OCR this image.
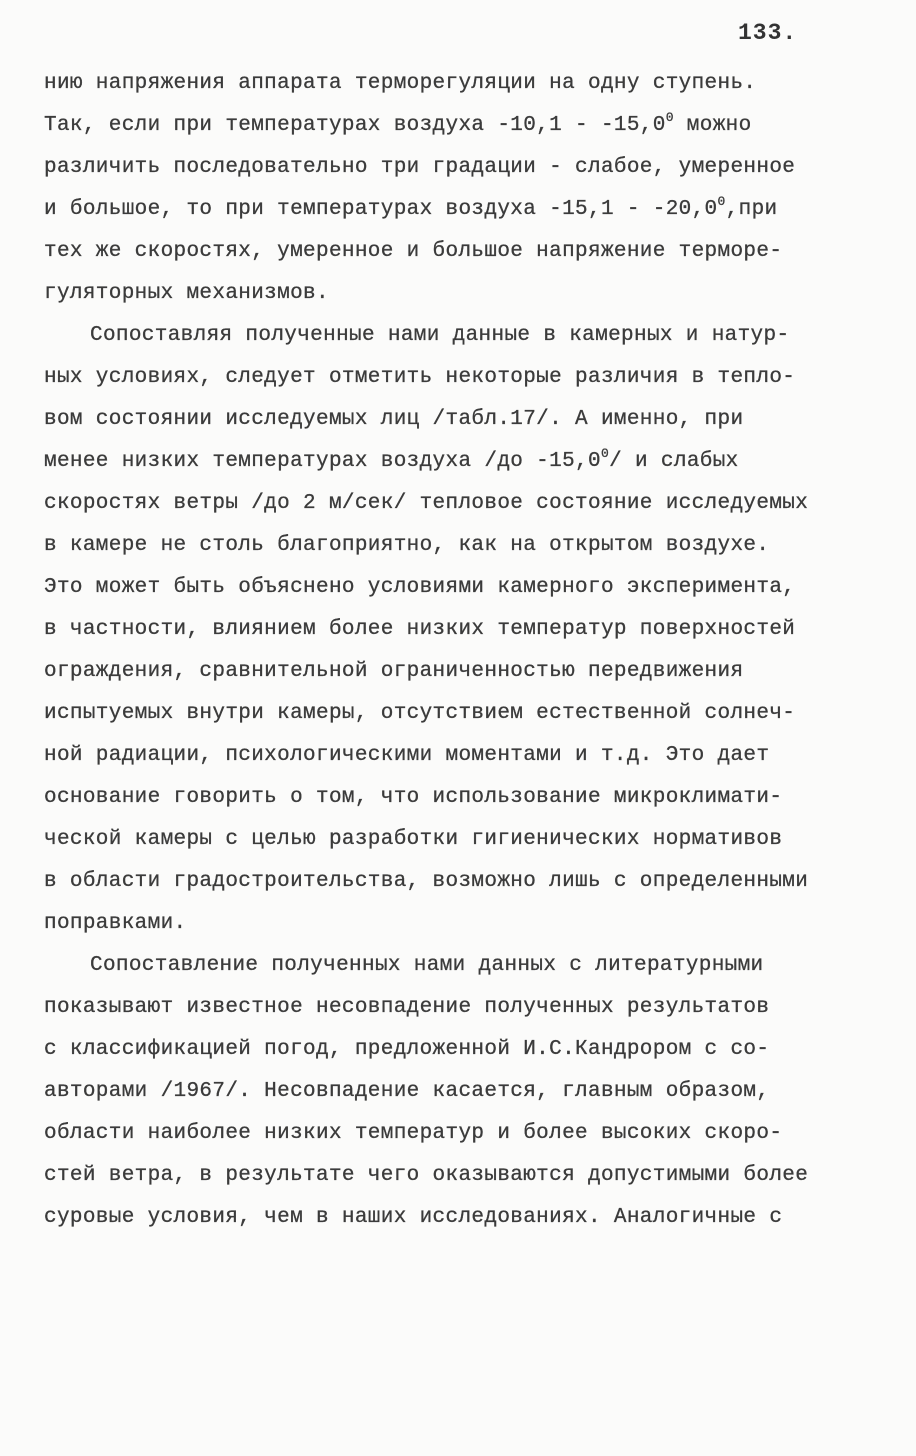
133.
нию напряжения аппарата терморегуляции на одну ступень.
Так, если при температурах воздуха -10,1 - -15,0$^0$ можно
различить последовательно три градации - слабое, умеренное
и большое, то при температурах воздуха -15,1 - -20,0$^0$,при
тех же скоростях, умеренное и большое напряжение терморе-
гуляторных механизмов.
Сопоставляя полученные нами данные в камерных и натур-
ных условиях, следует отметить некоторые различия в тепло-
вом состоянии исследуемых лиц /табл.17/. А именно, при
менее низких температурах воздуха /до -15,0$^0$/ и слабых
скоростях ветры /до 2 м/сек/ тепловое состояние исследуемых
в камере не столь благоприятно, как на открытом воздухе.
Это может быть объяснено условиями камерного эксперимента,
в частности, влиянием более низких температур поверхностей
ограждения, сравнительной ограниченностью передвижения
испытуемых внутри камеры, отсутствием естественной солнеч-
ной радиации, психологическими моментами и т.д. Это дает
основание говорить о том, что использование микроклимати-
ческой камеры с целью разработки гигиенических нормативов
в области градостроительства, возможно лишь с определенными
поправками.
Сопоставление полученных нами данных с литературными
показывают известное несовпадение полученных результатов
с классификацией погод, предложенной И.С.Кандрором с со-
авторами /1967/. Несовпадение касается, главным образом,
области наиболее низких температур и более высоких скоро-
стей ветра, в результате чего оказываются допустимыми более
суровые условия, чем в наших исследованиях. Аналогичные с
